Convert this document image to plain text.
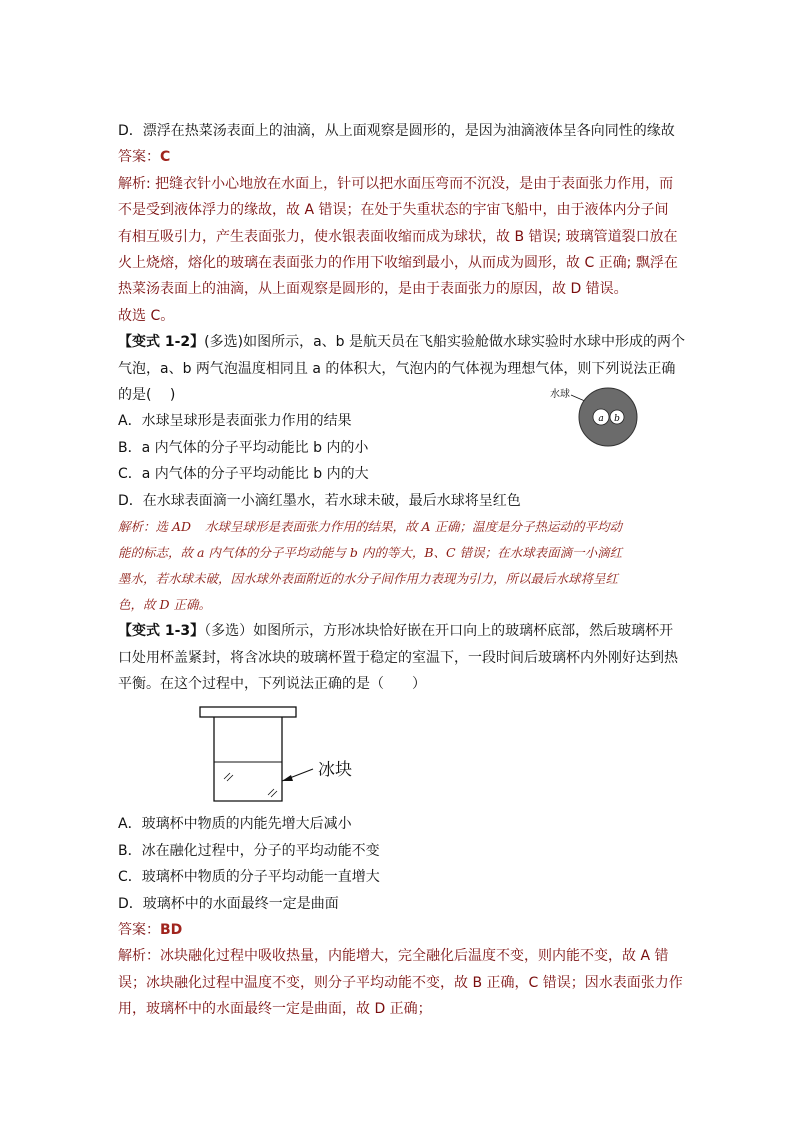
D．漂浮在热菜汤表面上的油滴，从上面观察是圆形的，是因为油滴液体呈各向同性的缘故

答案：C

解析: 把缝衣针小心地放在水面上，针可以把水面压弯而不沉没，是由于表面张力作用，而

不是受到液体浮力的缘故，故 A 错误；在处于失重状态的宇宙飞船中，由于液体内分子间

有相互吸引力，产生表面张力，使水银表面收缩而成为球状，故 B 错误; 玻璃管道裂口放在

火上烧熔，熔化的玻璃在表面张力的作用下收缩到最小，从而成为圆形，故 C 正确; 飘浮在

热菜汤表面上的油滴，从上面观察是圆形的，是由于表面张力的原因，故 D 错误。

故选 C。

【变式 1-2】(多选)如图所示，a、b 是航天员在飞船实验舱做水球实验时水球中形成的两个

气泡，a、b 两气泡温度相同且 a 的体积大，气泡内的气体视为理想气体，则下列说法正确

的是(　 )	水球
a b

A．水球呈球形是表面张力作用的结果

B．a 内气体的分子平均动能比 b 内的小

C．a 内气体的分子平均动能比 b 内的大

D．在水球表面滴一小滴红墨水，若水球未破，最后水球将呈红色

解析：选 AD 水球呈球形是表面张力作用的结果，故 A 正确；温度是分子热运动的平均动

能的标志，故 a 内气体的分子平均动能与 b 内的等大，B、C 错误；在水球表面滴一小滴红

墨水，若水球未破，因水球外表面附近的水分子间作用力表现为引力，所以最后水球将呈红

色，故 D 正确。

【变式 1-3】（多选）如图所示，方形冰块恰好嵌在开口向上的玻璃杯底部，然后玻璃杯开

口处用杯盖紧封，将含冰块的玻璃杯置于稳定的室温下，一段时间后玻璃杯内外刚好达到热

平衡。在这个过程中，下列说法正确的是（　　）

冰块

A．玻璃杯中物质的内能先增大后减小

B．冰在融化过程中，分子的平均动能不变

C．玻璃杯中物质的分子平均动能一直增大

D．玻璃杯中的水面最终一定是曲面

答案：BD

解析：冰块融化过程中吸收热量，内能增大，完全融化后温度不变，则内能不变，故 A 错

误；冰块融化过程中温度不变，则分子平均动能不变，故 B 正确，C 错误；因水表面张力作

用，玻璃杯中的水面最终一定是曲面，故 D 正确；
